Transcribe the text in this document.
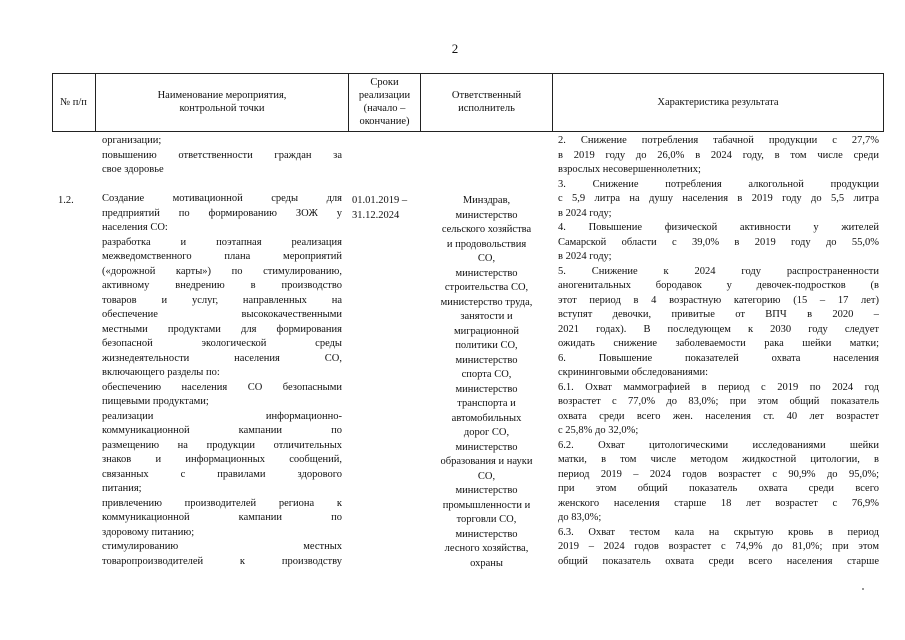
2
№ п/п
Наименование мероприятия,
контрольной точки
Сроки
реализации
(начало –
окончание)
Ответственный
исполнитель
Характеристика результата
1.2.
организации;
повышению ответственности граждан за
свое здоровье
Создание мотивационной среды для
предприятий по формированию ЗОЖ у
населения СО:
разработка и поэтапная реализация
межведомственного плана мероприятий
(«дорожной карты») по стимулированию,
активному внедрению в производство
товаров и услуг, направленных на
обеспечение высококачественными
местными продуктами для формирования
безопасной экологической среды
жизнедеятельности населения СО,
включающего разделы по:
обеспечению населения СО безопасными
пищевыми продуктами;
реализации информационно-
коммуникационной кампании по
размещению на продукции отличительных
знаков и информационных сообщений,
связанных с правилами здорового
питания;
привлечению производителей региона к
коммуникационной кампании по
здоровому питанию;
стимулированию местных
товаропроизводителей к производству
01.01.2019 –
31.12.2024
Минздрав,
министерство
сельского хозяйства
и продовольствия
СО,
министерство
строительства СО,
министерство труда,
занятости и
миграционной
политики СО,
министерство
спорта СО,
министерство
транспорта и
автомобильных
дорог СО,
министерство
образования и науки
СО,
министерство
промышленности и
торговли СО,
министерство
лесного хозяйства,
охраны
2. Снижение потребления табачной продукции с 27,7%
в 2019 году до 26,0% в 2024 году, в том числе среди
взрослых несовершеннолетних;
3. Снижение потребления алкогольной продукции
с 5,9 литра на душу населения в 2019 году до 5,5 литра
в 2024 году;
4. Повышение физической активности у жителей
Самарской области с 39,0% в 2019 году до 55,0%
в 2024 году;
5. Снижение к 2024 году распространенности
аногенитальных бородавок у девочек-подростков (в
этот период в 4 возрастную категорию (15 – 17 лет)
вступят девочки, привитые от ВПЧ в 2020 –
2021 годах). В последующем к 2030 году следует
ожидать снижение заболеваемости рака шейки матки;
6. Повышение показателей охвата населения
скрининговыми обследованиями:
6.1. Охват маммографией в период с 2019 по 2024 год
возрастет с 77,0% до 83,0%; при этом общий показатель
охвата среди всего жен. населения ст. 40 лет возрастет
с 25,8% до 32,0%;
6.2. Охват цитологическими исследованиями шейки
матки, в том числе методом жидкостной цитологии, в
период 2019 – 2024 годов возрастет с 90,9% до 95,0%;
при этом общий показатель охвата среди всего
женского населения старше 18 лет возрастет с 76,9%
до 83,0%;
6.3. Охват тестом кала на скрытую кровь в период
2019 – 2024 годов возрастет с 74,9% до 81,0%; при этом
общий показатель охвата среди всего населения старше
